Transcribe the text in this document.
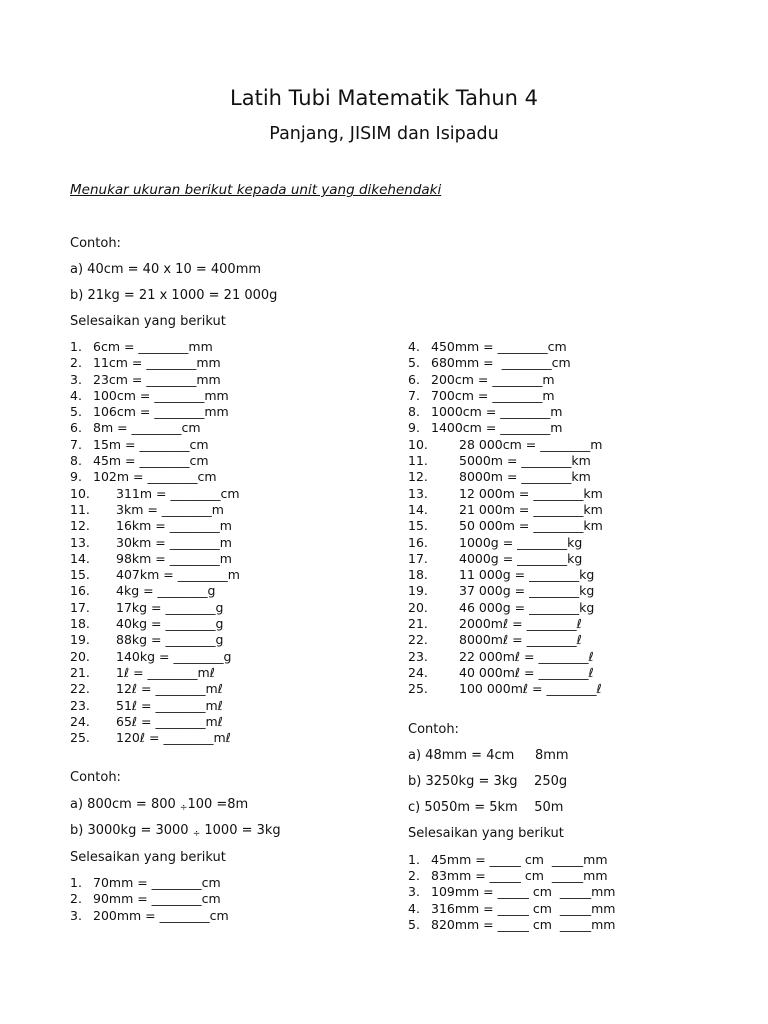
Latih Tubi Matematik Tahun 4
Panjang, JISIM dan Isipadu
Menukar ukuran berikut kepada unit yang dikehendaki
Contoh:
a) 40cm = 40 x 10 = 400mm
b) 21kg = 21 x 1000 = 21 000g
Selesaikan yang berikut
1. 6cm = ________mm
2. 11cm = ________mm
3. 23cm = ________mm
4. 100cm = ________mm
5. 106cm = ________mm
6. 8m = ________cm
7. 15m = ________cm
8. 45m = ________cm
9. 102m = ________cm
10. 311m = ________cm
11. 3km = ________m
12. 16km = ________m
13. 30km = ________m
14. 98km = ________m
15. 407km = ________m
16. 4kg = ________g
17. 17kg = ________g
18. 40kg = ________g
19. 88kg = ________g
20. 140kg = ________g
21. 1ℓ = ________mℓ
22. 12ℓ = ________mℓ
23. 51ℓ = ________mℓ
24. 65ℓ = ________mℓ
25. 120ℓ = ________mℓ
4. 450mm = ________cm
5. 680mm =  ________cm
6. 200cm = ________m
7. 700cm = ________m
8. 1000cm = ________m
9. 1400cm = ________m
10. 28 000cm = ________m
11. 5000m = ________km
12. 8000m = ________km
13. 12 000m = ________km
14. 21 000m = ________km
15. 50 000m = ________km
16. 1000g = ________kg
17. 4000g = ________kg
18. 11 000g = ________kg
19. 37 000g = ________kg
20. 46 000g = ________kg
21. 2000mℓ = ________ℓ
22. 8000mℓ = ________ℓ
23. 22 000mℓ = ________ℓ
24. 40 000mℓ = ________ℓ
25. 100 000mℓ = ________ℓ
Contoh:
a) 800cm = 800 ÷100 =8m
b) 3000kg = 3000 ÷ 1000 = 3kg
Selesaikan yang berikut
1. 70mm = ________cm
2. 90mm = ________cm
3. 200mm = ________cm
Contoh:
a) 48mm = 4cm     8mm
b) 3250kg = 3kg    250g
c) 5050m = 5km    50m
Selesaikan yang berikut
1. 45mm = _____ cm  _____mm
2. 83mm = _____ cm  _____mm
3. 109mm = _____ cm  _____mm
4. 316mm = _____ cm  _____mm
5. 820mm = _____ cm  _____mm
